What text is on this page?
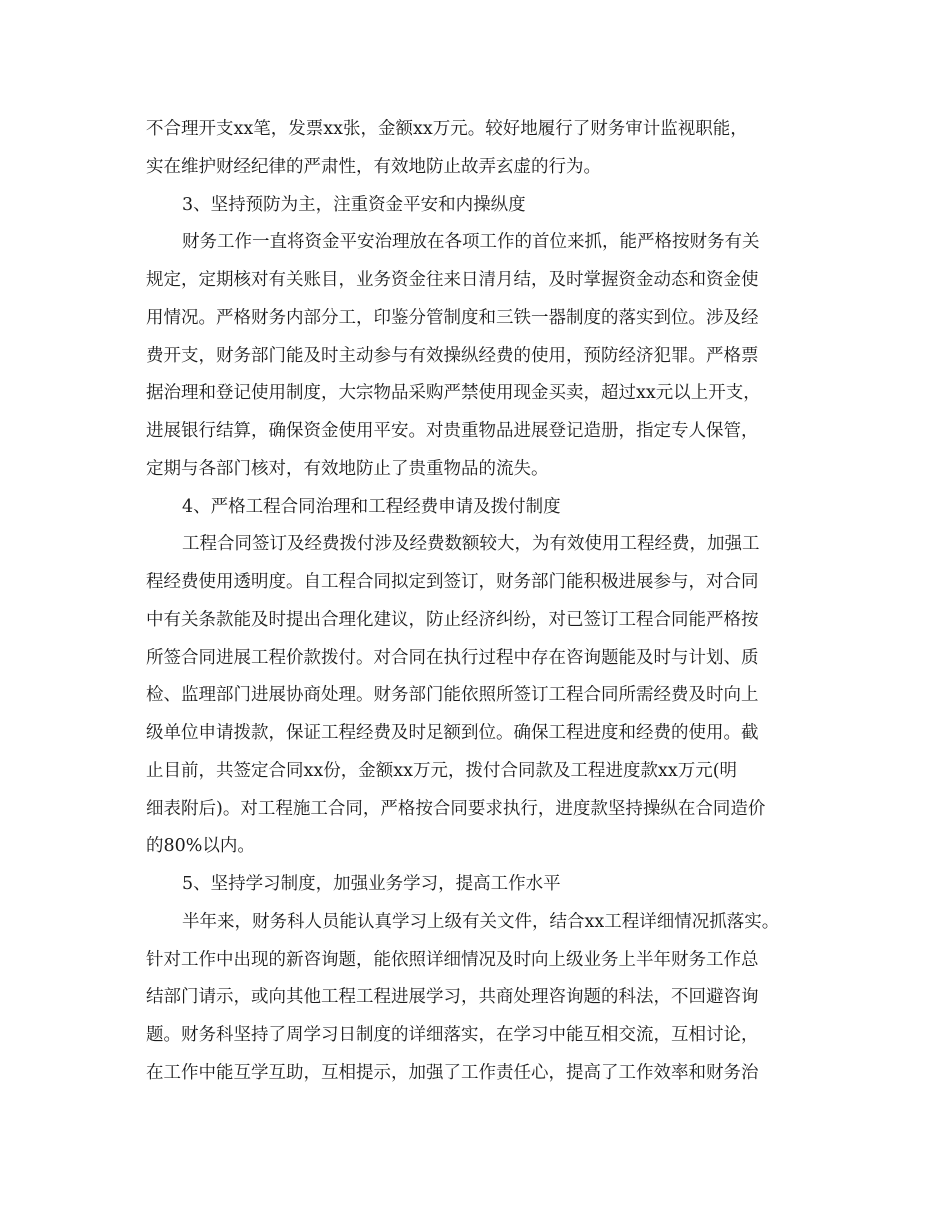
不合理开支xx笔，发票xx张，金额xx万元。较好地履行了财务审计监视职能，
实在维护财经纪律的严肃性，有效地防止故弄玄虚的行为。
3、坚持预防为主，注重资金平安和内操纵度
财务工作一直将资金平安治理放在各项工作的首位来抓，能严格按财务有关
规定，定期核对有关账目，业务资金往来日清月结，及时掌握资金动态和资金使
用情况。严格财务内部分工，印鉴分管制度和三铁一器制度的落实到位。涉及经
费开支，财务部门能及时主动参与有效操纵经费的使用，预防经济犯罪。严格票
据治理和登记使用制度，大宗物品采购严禁使用现金买卖，超过xx元以上开支，
进展银行结算，确保资金使用平安。对贵重物品进展登记造册，指定专人保管，
定期与各部门核对，有效地防止了贵重物品的流失。
4、严格工程合同治理和工程经费申请及拨付制度
工程合同签订及经费拨付涉及经费数额较大，为有效使用工程经费，加强工
程经费使用透明度。自工程合同拟定到签订，财务部门能积极进展参与，对合同
中有关条款能及时提出合理化建议，防止经济纠纷，对已签订工程合同能严格按
所签合同进展工程价款拨付。对合同在执行过程中存在咨询题能及时与计划、质
检、监理部门进展协商处理。财务部门能依照所签订工程合同所需经费及时向上
级单位申请拨款，保证工程经费及时足额到位。确保工程进度和经费的使用。截
止目前，共签定合同xx份，金额xx万元，拨付合同款及工程进度款xx万元(明
细表附后)。对工程施工合同，严格按合同要求执行，进度款坚持操纵在合同造价
的80%以内。
5、坚持学习制度，加强业务学习，提高工作水平
半年来，财务科人员能认真学习上级有关文件，结合xx工程详细情况抓落实。
针对工作中出现的新咨询题，能依照详细情况及时向上级业务上半年财务工作总
结部门请示，或向其他工程工程进展学习，共商处理咨询题的科法，不回避咨询
题。财务科坚持了周学习日制度的详细落实，在学习中能互相交流，互相讨论，
在工作中能互学互助，互相提示，加强了工作责任心，提高了工作效率和财务治
